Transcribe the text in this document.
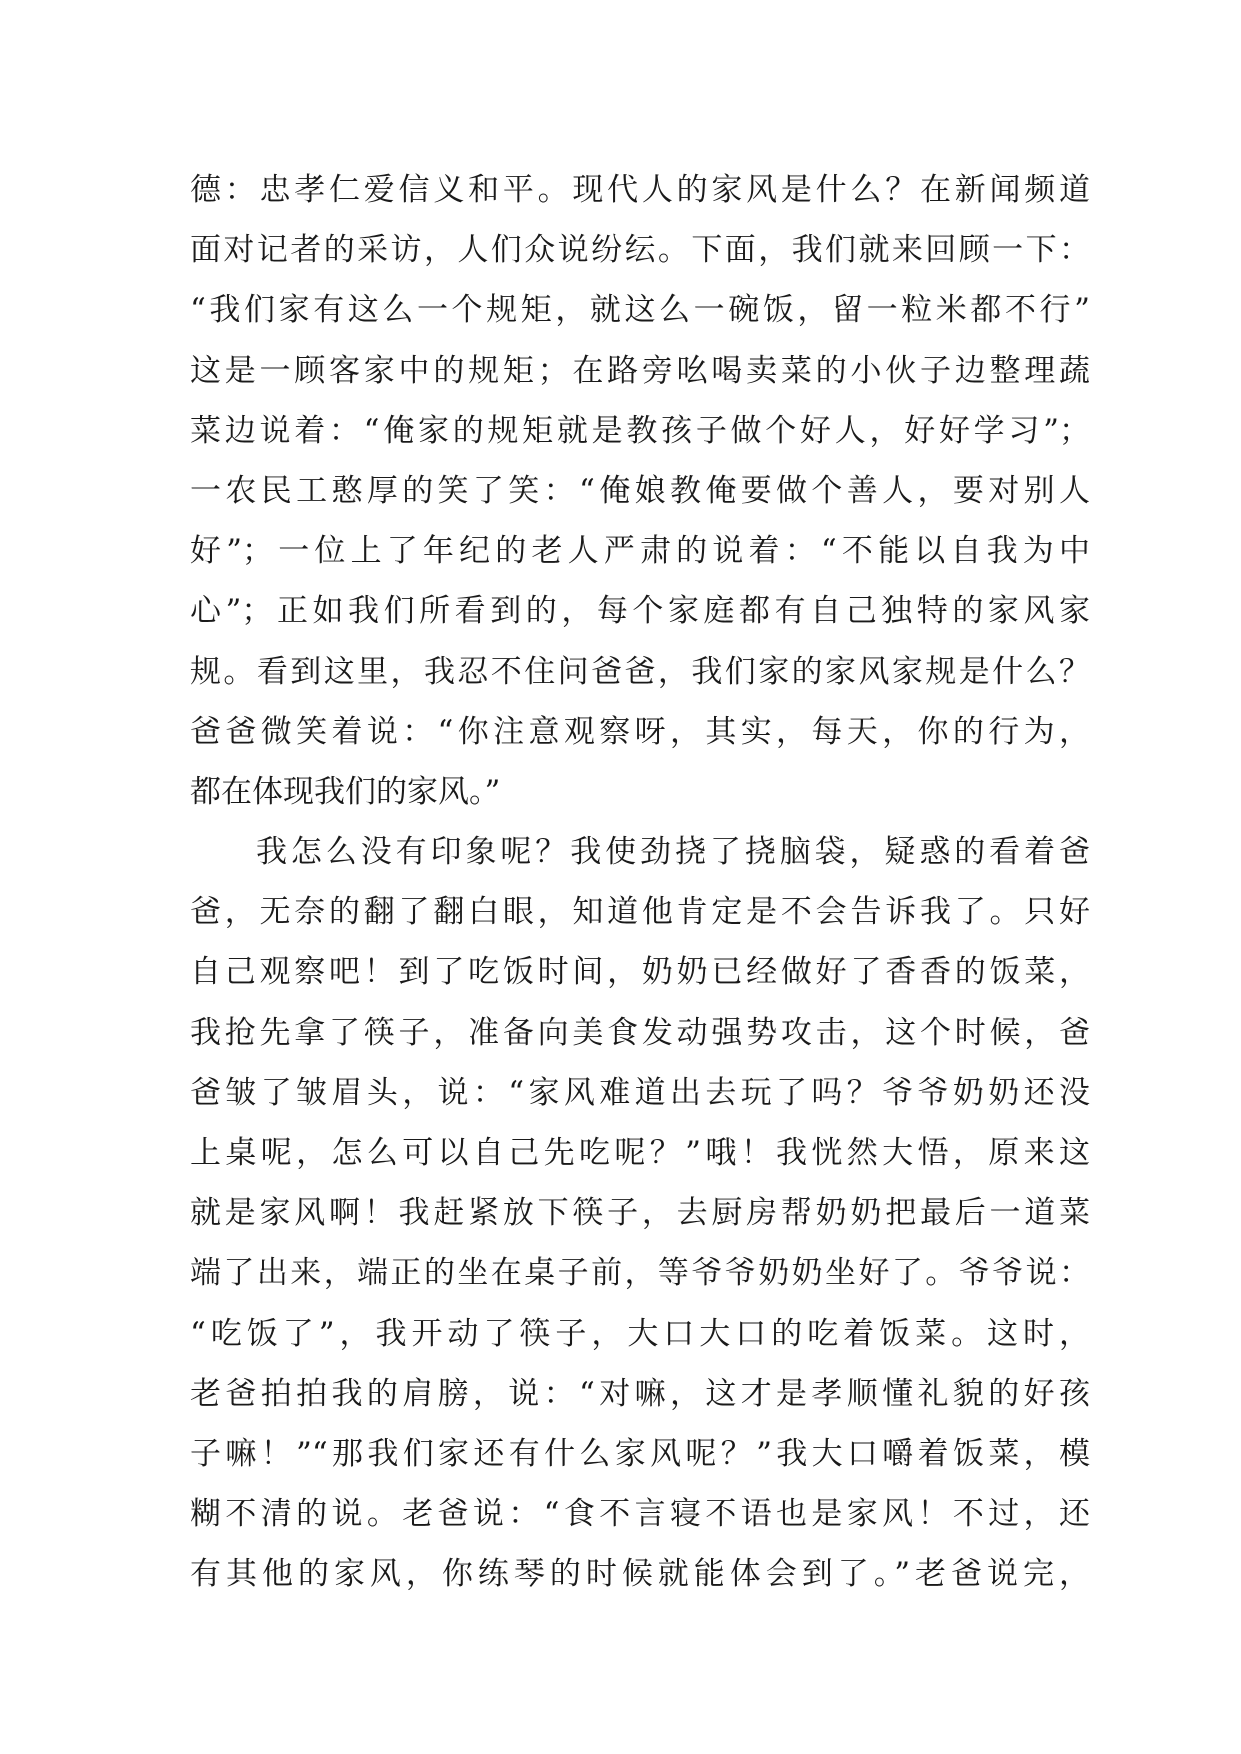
德：忠孝仁爱信义和平。现代人的家风是什么？在新闻频道
面对记者的采访，人们众说纷纭。下面，我们就来回顾一下：
“我们家有这么一个规矩，就这么一碗饭，留一粒米都不行”
这是一顾客家中的规矩；在路旁吆喝卖菜的小伙子边整理蔬
菜边说着：“俺家的规矩就是教孩子做个好人，好好学习”；
一农民工憨厚的笑了笑：“俺娘教俺要做个善人，要对别人
好”；一位上了年纪的老人严肃的说着：“不能以自我为中
心”；正如我们所看到的，每个家庭都有自己独特的家风家
规。看到这里，我忍不住问爸爸，我们家的家风家规是什么？
爸爸微笑着说：“你注意观察呀，其实，每天，你的行为，
都在体现我们的家风。”
我怎么没有印象呢？我使劲挠了挠脑袋，疑惑的看着爸
爸，无奈的翻了翻白眼，知道他肯定是不会告诉我了。只好
自己观察吧！到了吃饭时间，奶奶已经做好了香香的饭菜，
我抢先拿了筷子，准备向美食发动强势攻击，这个时候，爸
爸皱了皱眉头，说：“家风难道出去玩了吗？爷爷奶奶还没
上桌呢，怎么可以自己先吃呢？”哦！我恍然大悟，原来这
就是家风啊！我赶紧放下筷子，去厨房帮奶奶把最后一道菜
端了出来，端正的坐在桌子前，等爷爷奶奶坐好了。爷爷说：
“吃饭了”，我开动了筷子，大口大口的吃着饭菜。这时，
老爸拍拍我的肩膀，说：“对嘛，这才是孝顺懂礼貌的好孩
子嘛！”“那我们家还有什么家风呢？”我大口嚼着饭菜，模
糊不清的说。老爸说：“食不言寝不语也是家风！不过，还
有其他的家风，你练琴的时候就能体会到了。”老爸说完，
